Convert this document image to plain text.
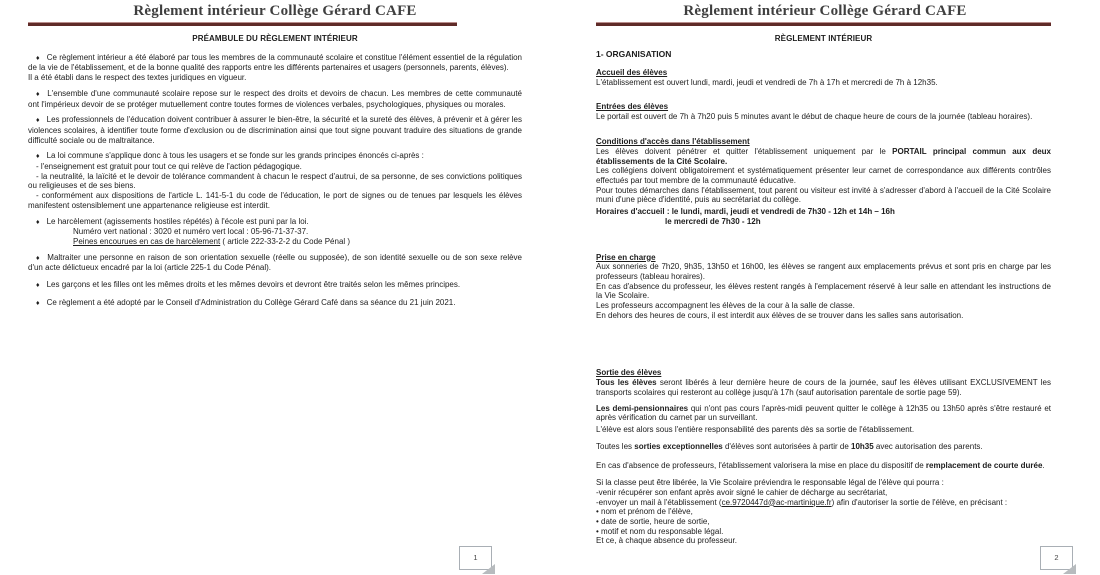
Règlement intérieur Collège Gérard CAFE
PRÉAMBULE DU RÈGLEMENT INTÉRIEUR

♦ Ce règlement intérieur a été élaboré par tous les membres de la communauté scolaire et constitue l'élément essentiel de la régulation de la vie de l'établissement, et de la bonne qualité des rapports entre les différents partenaires et usagers (personnels, parents, élèves).

Il a été établi dans le respect des textes juridiques en vigueur.

♦ L'ensemble d'une communauté scolaire repose sur le respect des droits et devoirs de chacun. Les membres de cette communauté ont l'impérieux devoir de se protéger mutuellement contre toutes formes de violences verbales, psychologiques, physiques ou morales.

♦ Les professionnels de l'éducation doivent contribuer à assurer le bien-être, la sécurité et la sureté des élèves, à prévenir et à gérer les violences scolaires, à identifier toute forme d'exclusion ou de discrimination ainsi que tout signe pouvant traduire des situations de grande difficulté sociale ou de maltraitance.

♦ La loi commune s'applique donc à tous les usagers et se fonde sur les grands principes énoncés ci-après :

- l'enseignement est gratuit pour tout ce qui relève de l'action pédagogique.

- la neutralité, la laïcité et le devoir de tolérance commandent à chacun le respect d'autrui, de sa personne, de ses convictions politiques ou religieuses et de ses biens.

- conformément aux dispositions de l'article L. 141-5-1 du code de l'éducation, le port de signes ou de tenues par lesquels les élèves manifestent ostensiblement une appartenance religieuse est interdit.

♦ Le harcèlement (agissements hostiles répétés) à l'école est puni par la loi.

Numéro vert national : 3020 et numéro vert local : 05-96-71-37-37.

Peines encourues en cas de harcèlement ( article 222-33-2-2 du Code Pénal )

♦ Maltraiter une personne en raison de son orientation sexuelle (réelle ou supposée), de son identité sexuelle ou de son sexe relève d'un acte délictueux encadré par la loi (article 225-1 du Code Pénal).

♦ Les garçons et les filles ont les mêmes droits et les mêmes devoirs et devront être traités selon les mêmes principes.

♦ Ce règlement a été adopté par le Conseil d'Administration du Collège Gérard Café dans sa séance du 21 juin 2021.

1
Règlement intérieur Collège Gérard CAFE
RÈGLEMENT INTÉRIEUR
1- ORGANISATION
Accueil des élèves

L'établissement est ouvert lundi, mardi, jeudi et vendredi de 7h à 17h et mercredi de 7h à 12h35.

Entrées des élèves

Le portail est ouvert de 7h à 7h20 puis 5 minutes avant le début de chaque heure de cours de la journée (tableau horaires).

Conditions d'accès dans l'établissement

Les élèves doivent pénétrer et quitter l'établissement uniquement par le PORTAIL principal commun aux deux établissements de la Cité Scolaire.

Les collégiens doivent obligatoirement et systématiquement présenter leur carnet de correspondance aux différents contrôles effectués par tout membre de la communauté éducative.

Pour toutes démarches dans l'établissement, tout parent ou visiteur est invité à s'adresser d'abord à l'accueil de la Cité Scolaire muni d'une pièce d'identité, puis au secrétariat du collège.

Horaires d'accueil : le lundi, mardi, jeudi et vendredi de 7h30 - 12h et 14h – 16h

le mercredi de 7h30 - 12h

Prise en charge

Aux sonneries de 7h20, 9h35, 13h50 et 16h00, les élèves se rangent aux emplacements prévus et sont pris en charge par les professeurs (tableau horaires).

En cas d'absence du professeur, les élèves restent rangés à l'emplacement réservé à leur salle en attendant les instructions de la Vie Scolaire.

Les professeurs accompagnent les élèves de la cour à la salle de classe.

En dehors des heures de cours, il est interdit aux élèves de se trouver dans les salles sans autorisation.

Sortie des élèves

Tous les élèves seront libérés à leur dernière heure de cours de la journée, sauf les élèves utilisant EXCLUSIVEMENT les transports scolaires qui resteront au collège jusqu'à 17h (sauf autorisation parentale de sortie page 59).

Les demi-pensionnaires qui n'ont pas cours l'après-midi peuvent quitter le collège à 12h35 ou 13h50 après s'être restauré et après vérification du carnet par un surveillant.

L'élève est alors sous l'entière responsabilité des parents dès sa sortie de l'établissement.

Toutes les sorties exceptionnelles d'élèves sont autorisées à partir de 10h35 avec autorisation des parents.

En cas d'absence de professeurs, l'établissement valorisera la mise en place du dispositif de remplacement de courte durée.

Si la classe peut être libérée, la Vie Scolaire préviendra le responsable légal de l'élève qui pourra :

-venir récupérer son enfant après avoir signé le cahier de décharge au secrétariat,

-envoyer un mail à l'établissement (ce.9720447d@ac-martinique.fr) afin d'autoriser la sortie de l'élève, en précisant :

• nom et prénom de l'élève,

• date de sortie, heure de sortie,

• motif et nom du responsable légal.

Et ce, à chaque absence du professeur.

2
